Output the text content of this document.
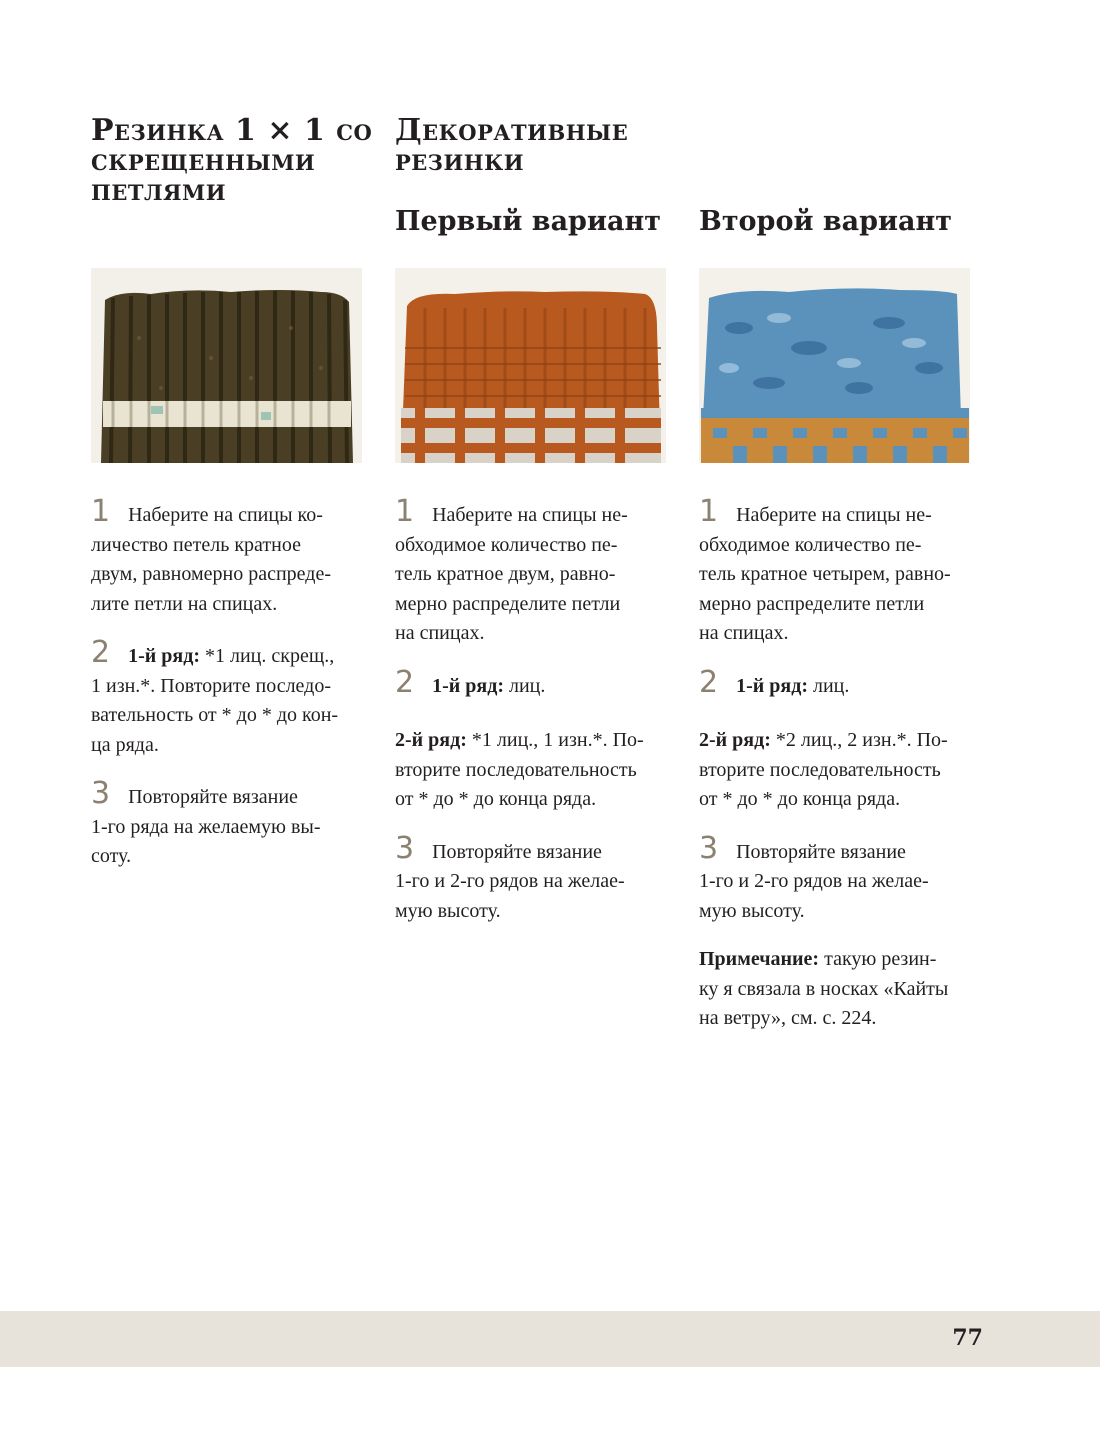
Резинка 1 × 1 со
скрещенными
петлями

1 Наберите на спицы ко-
личество петель кратное
двум, равномерно распреде-
лите петли на спицах.

2 1-й ряд: *1 лиц. скрещ.,
1 изн.*. Повторите последо-
вательность от * до * до кон-
ца ряда.

3 Повторяйте вязание
1-го ряда на желаемую вы-
соту.

Декоративные
резинки
Первый вариант

1 Наберите на спицы не-
обходимое количество пе-
тель кратное двум, равно-
мерно распределите петли
на спицах.

2 1-й ряд: лиц.

2-й ряд: *1 лиц., 1 изн.*. По-
вторите последовательность
от * до * до конца ряда.

3 Повторяйте вязание
1-го и 2-го рядов на желае-
мую высоту.

Второй вариант

1 Наберите на спицы не-
обходимое количество пе-
тель кратное четырем, равно-
мерно распределите петли
на спицах.

2 1-й ряд: лиц.

2-й ряд: *2 лиц., 2 изн.*. По-
вторите последовательность
от * до * до конца ряда.

3 Повторяйте вязание
1-го и 2-го рядов на желае-
мую высоту.

Примечание: такую резин-
ку я связала в носках «Кайты
на ветру», см. с. 224.

77
